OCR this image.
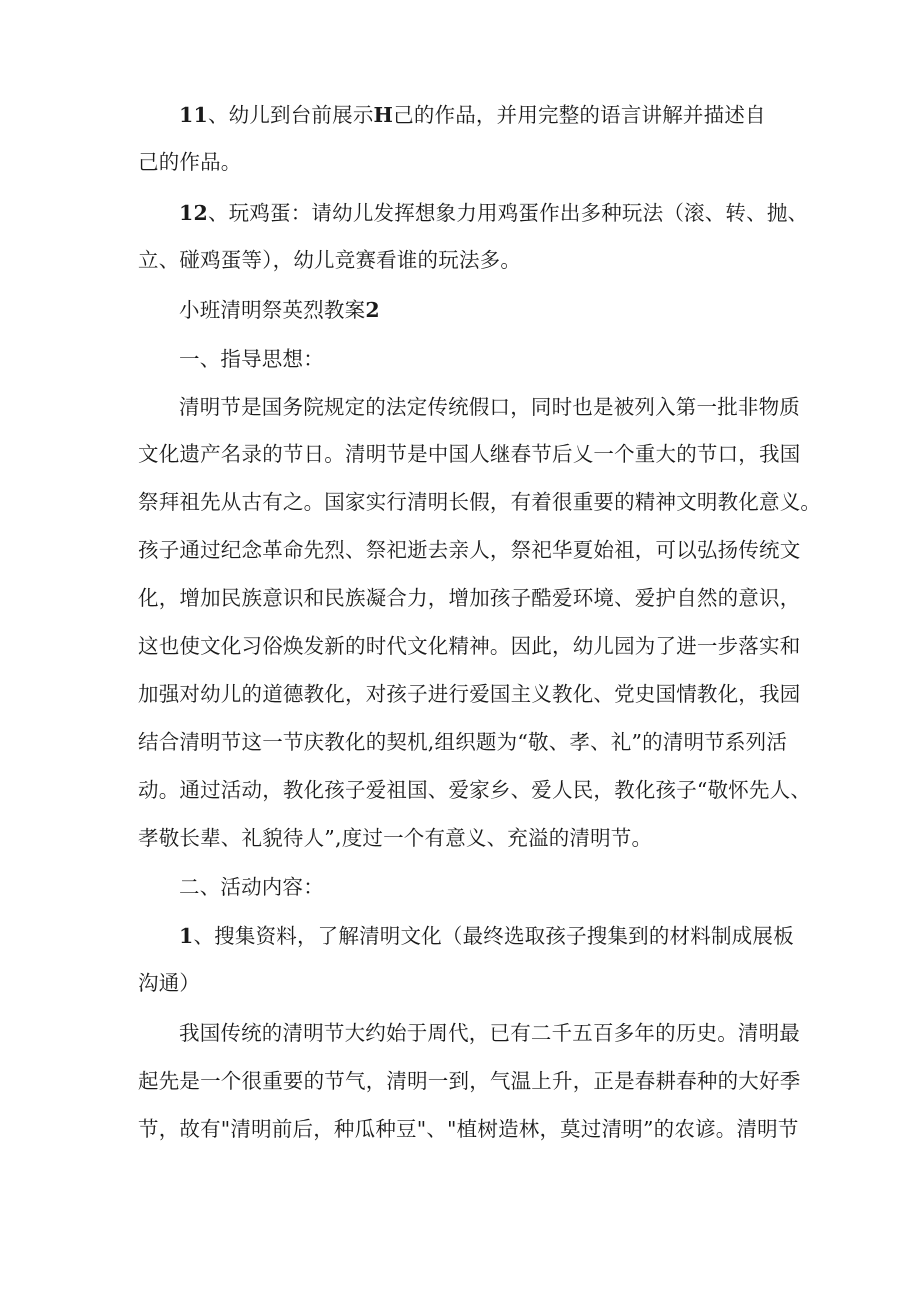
11、幼儿到台前展示H己的作品，并用完整的语言讲解并描述自
己的作品。
12、玩鸡蛋：请幼儿发挥想象力用鸡蛋作出多种玩法（滚、转、抛、
立、碰鸡蛋等），幼儿竞赛看谁的玩法多。
小班清明祭英烈教案2
一、指导思想：
清明节是国务院规定的法定传统假口，同时也是被列入第一批非物质
文化遗产名录的节日。清明节是中国人继春节后乂一个重大的节口，我国
祭拜祖先从古有之。国家实行清明长假，有着很重要的精神文明教化意义。
孩子通过纪念革命先烈、祭祀逝去亲人，祭祀华夏始祖，可以弘扬传统文
化，增加民族意识和民族凝合力，增加孩子酷爱环境、爱护自然的意识，
这也使文化习俗焕发新的时代文化精神。因此，幼儿园为了进一步落实和
加强对幼儿的道德教化，对孩子进行爱国主义教化、党史国情教化，我园
结合清明节这一节庆教化的契机,组织题为“敬、孝、礼”的清明节系列活
动。通过活动，教化孩子爱祖国、爱家乡、爱人民，教化孩子“敬怀先人、
孝敬长辈、礼貌待人”,度过一个有意义、充溢的清明节。
二、活动内容：
1、搜集资料，了解清明文化（最终选取孩子搜集到的材料制成展板
沟通）
我国传统的清明节大约始于周代，已有二千五百多年的历史。清明最
起先是一个很重要的节气，清明一到，气温上升，正是春耕春种的大好季
节，故有"清明前后，种瓜种豆"、"植树造林，莫过清明”的农谚。清明节
